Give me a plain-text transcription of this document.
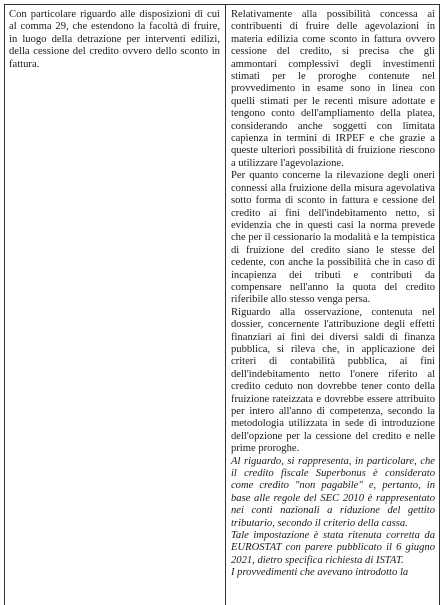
Con particolare riguardo alle disposizioni di cui al comma 29, che estendono la facoltà di fruire, in luogo della detrazione per interventi edilizi, della cessione del credito ovvero dello sconto in fattura.

Relativamente alla possibilità concessa ai contribuenti di fruire delle agevolazioni in materia edilizia come sconto in fattura ovvero cessione del credito, si precisa che gli ammontari complessivi degli investimenti stimati per le proroghe contenute nel provvedimento in esame sono in linea con quelli stimati per le recenti misure adottate e tengono conto dell'ampliamento della platea, considerando anche soggetti con limitata capienza in termini di IRPEF e che grazie a queste ulteriori possibilità di fruizione riescono a utilizzare l'agevolazione.

Per quanto concerne la rilevazione degli oneri connessi alla fruizione della misura agevolativa sotto forma di sconto in fattura e cessione del credito ai fini dell'indebitamento netto, si evidenzia che in questi casi la norma prevede che per il cessionario la modalità e la tempistica di fruizione del credito siano le stesse del cedente, con anche la possibilità che in caso di incapienza dei tributi e contributi da compensare nell'anno la quota del credito riferibile allo stesso venga persa.

Riguardo alla osservazione, contenuta nel dossier, concernente l'attribuzione degli effetti finanziari ai fini dei diversi saldi di finanza pubblica, si rileva che, in applicazione dei criteri di contabilità pubblica, ai fini dell'indebitamento netto l'onere riferito al credito ceduto non dovrebbe tener conto della fruizione rateizzata e dovrebbe essere attribuito per intero all'anno di competenza, secondo la metodologia utilizzata in sede di introduzione dell'opzione per la cessione del credito e nelle prime proroghe.

Al riguardo, si rappresenta, in particolare, che il credito fiscale Superbonus è considerato come credito "non pagabile" e, pertanto, in base alle regole del SEC 2010 è rappresentato nei conti nazionali a riduzione del gettito tributario, secondo il criterio della cassa.

Tale impostazione è stata ritenuta corretta da EUROSTAT con parere pubblicato il 6 giugno 2021, dietro specifica richiesta di ISTAT.

I provvedimenti che avevano introdotto la
